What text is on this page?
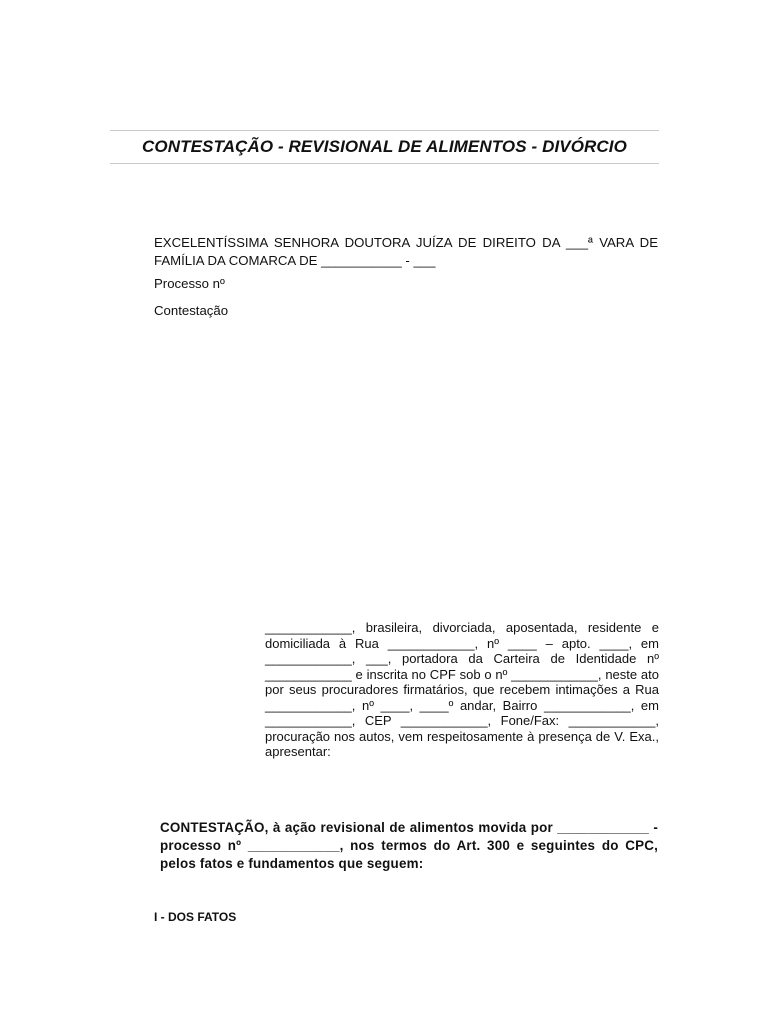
CONTESTAÇÃO - REVISIONAL DE ALIMENTOS - DIVÓRCIO
EXCELENTÍSSIMA SENHORA DOUTORA JUÍZA DE DIREITO DA ___ª VARA DE FAMÍLIA DA COMARCA DE ___________ - ___
Processo nº
Contestação
____________, brasileira, divorciada, aposentada, residente e domiciliada à Rua ____________, nº ____ – apto. ____, em ____________, ___, portadora da Carteira de Identidade nº ____________ e inscrita no CPF sob o nº ____________, neste ato por seus procuradores firmatários, que recebem intimações a Rua ____________, nº ____, ____º andar, Bairro ____________, em ____________, CEP ____________, Fone/Fax: ____________, procuração nos autos, vem respeitosamente à presença de V. Exa., apresentar:
CONTESTAÇÃO, à ação revisional de alimentos movida por ____________ - processo nº ____________, nos termos do Art. 300 e seguintes do CPC, pelos fatos e fundamentos que seguem:
I - DOS FATOS
